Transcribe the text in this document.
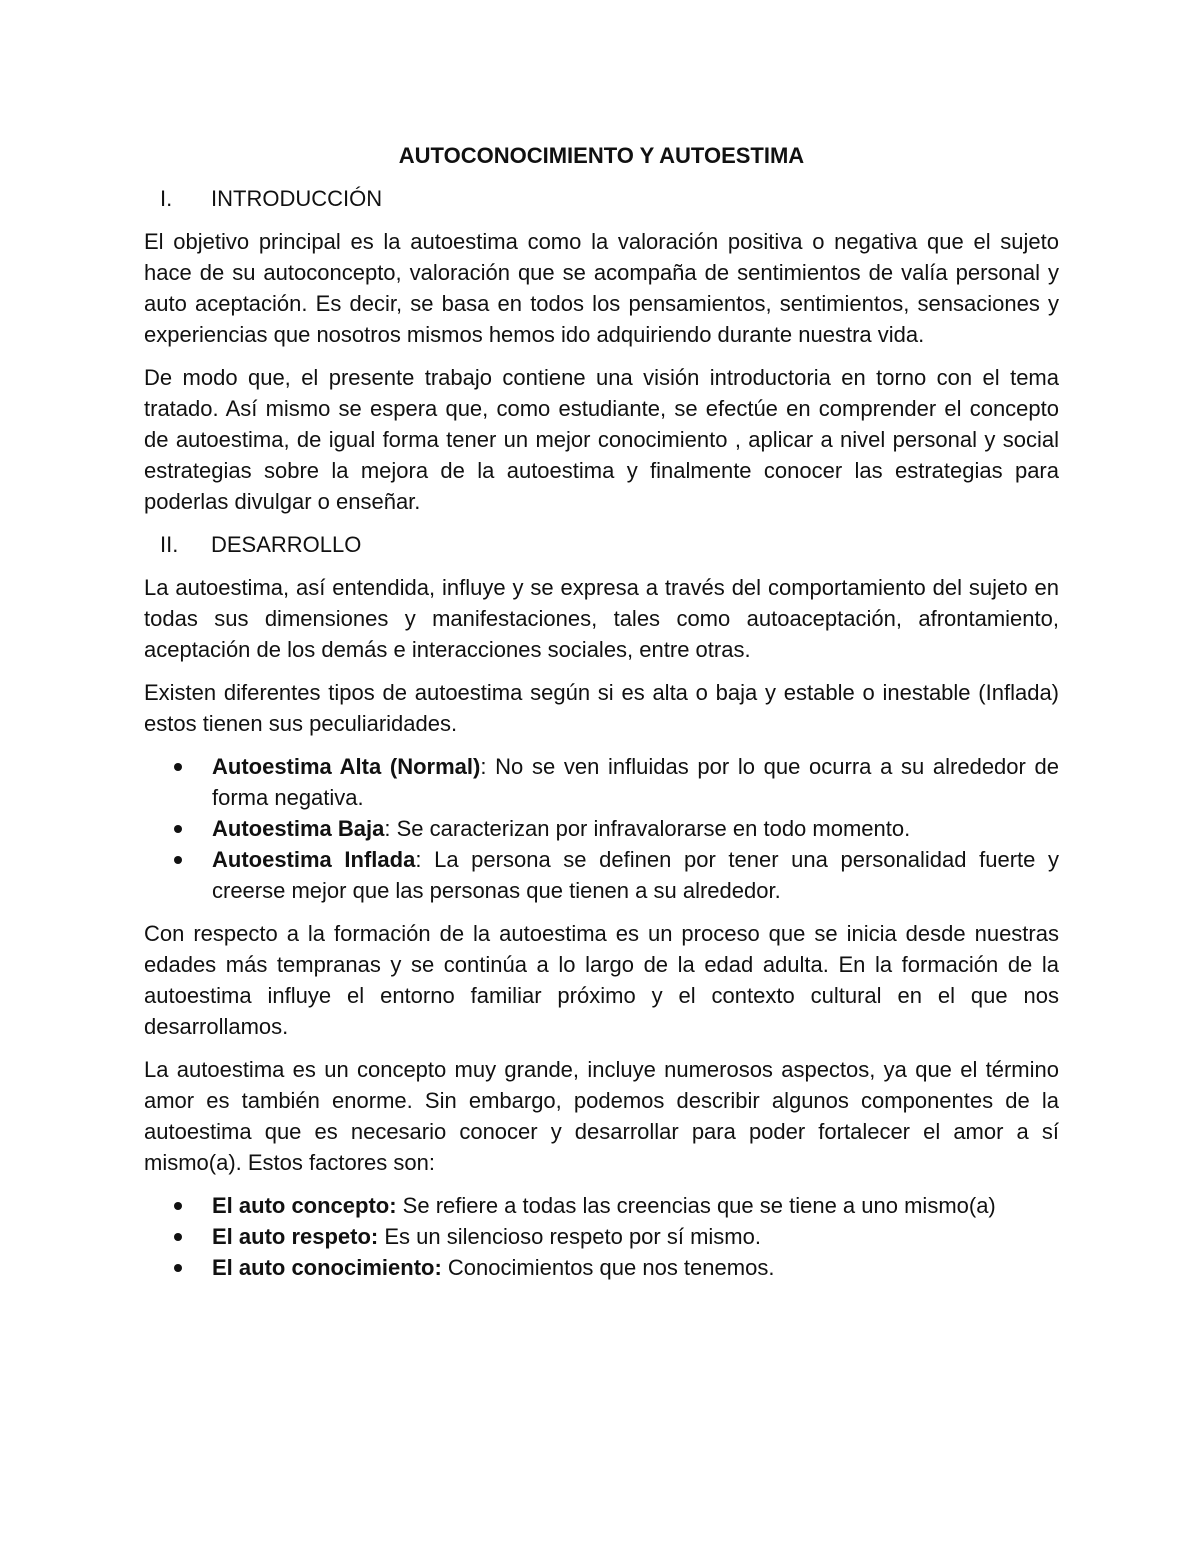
AUTOCONOCIMIENTO Y AUTOESTIMA
I.	INTRODUCCIÓN

El objetivo principal es la autoestima como la valoración positiva o negativa que el sujeto hace de su autoconcepto, valoración que se acompaña de sentimientos de valía personal y auto aceptación. Es decir, se basa en todos los pensamientos, sentimientos, sensaciones y experiencias que nosotros mismos hemos ido adquiriendo durante nuestra vida.

De modo que, el presente trabajo contiene una visión introductoria en torno con el tema tratado. Así mismo se espera que, como estudiante, se efectúe en comprender el concepto de autoestima, de igual forma tener un mejor conocimiento , aplicar a nivel personal y social estrategias sobre la mejora de la autoestima y finalmente conocer las estrategias para poderlas divulgar o enseñar.

II.	DESARROLLO

La autoestima, así entendida, influye y se expresa a través del comportamiento del sujeto en todas sus dimensiones y manifestaciones, tales como autoaceptación, afrontamiento, aceptación de los demás e interacciones sociales, entre otras.

Existen diferentes tipos de autoestima según si es alta o baja y estable o inestable (Inflada) estos tienen sus peculiaridades.

Autoestima Alta (Normal): No se ven influidas por lo que ocurra a su alrededor de forma negativa.
Autoestima Baja: Se caracterizan por infravalorarse en todo momento.
Autoestima Inflada: La persona se definen por tener una personalidad fuerte y creerse mejor que las personas que tienen a su alrededor.

Con respecto a la formación de la autoestima es un proceso que se inicia desde nuestras edades más tempranas y se continúa a lo largo de la edad adulta. En la formación de la autoestima influye el entorno familiar próximo y el contexto cultural en el que nos desarrollamos.

La autoestima es un concepto muy grande, incluye numerosos aspectos, ya que el término amor es también enorme. Sin embargo, podemos describir algunos componentes de la autoestima que es necesario conocer y desarrollar para poder fortalecer el amor a sí mismo(a). Estos factores son:

El auto concepto: Se refiere a todas las creencias que se tiene a uno mismo(a)
El auto respeto: Es un silencioso respeto por sí mismo.
El auto conocimiento: Conocimientos que nos tenemos.
